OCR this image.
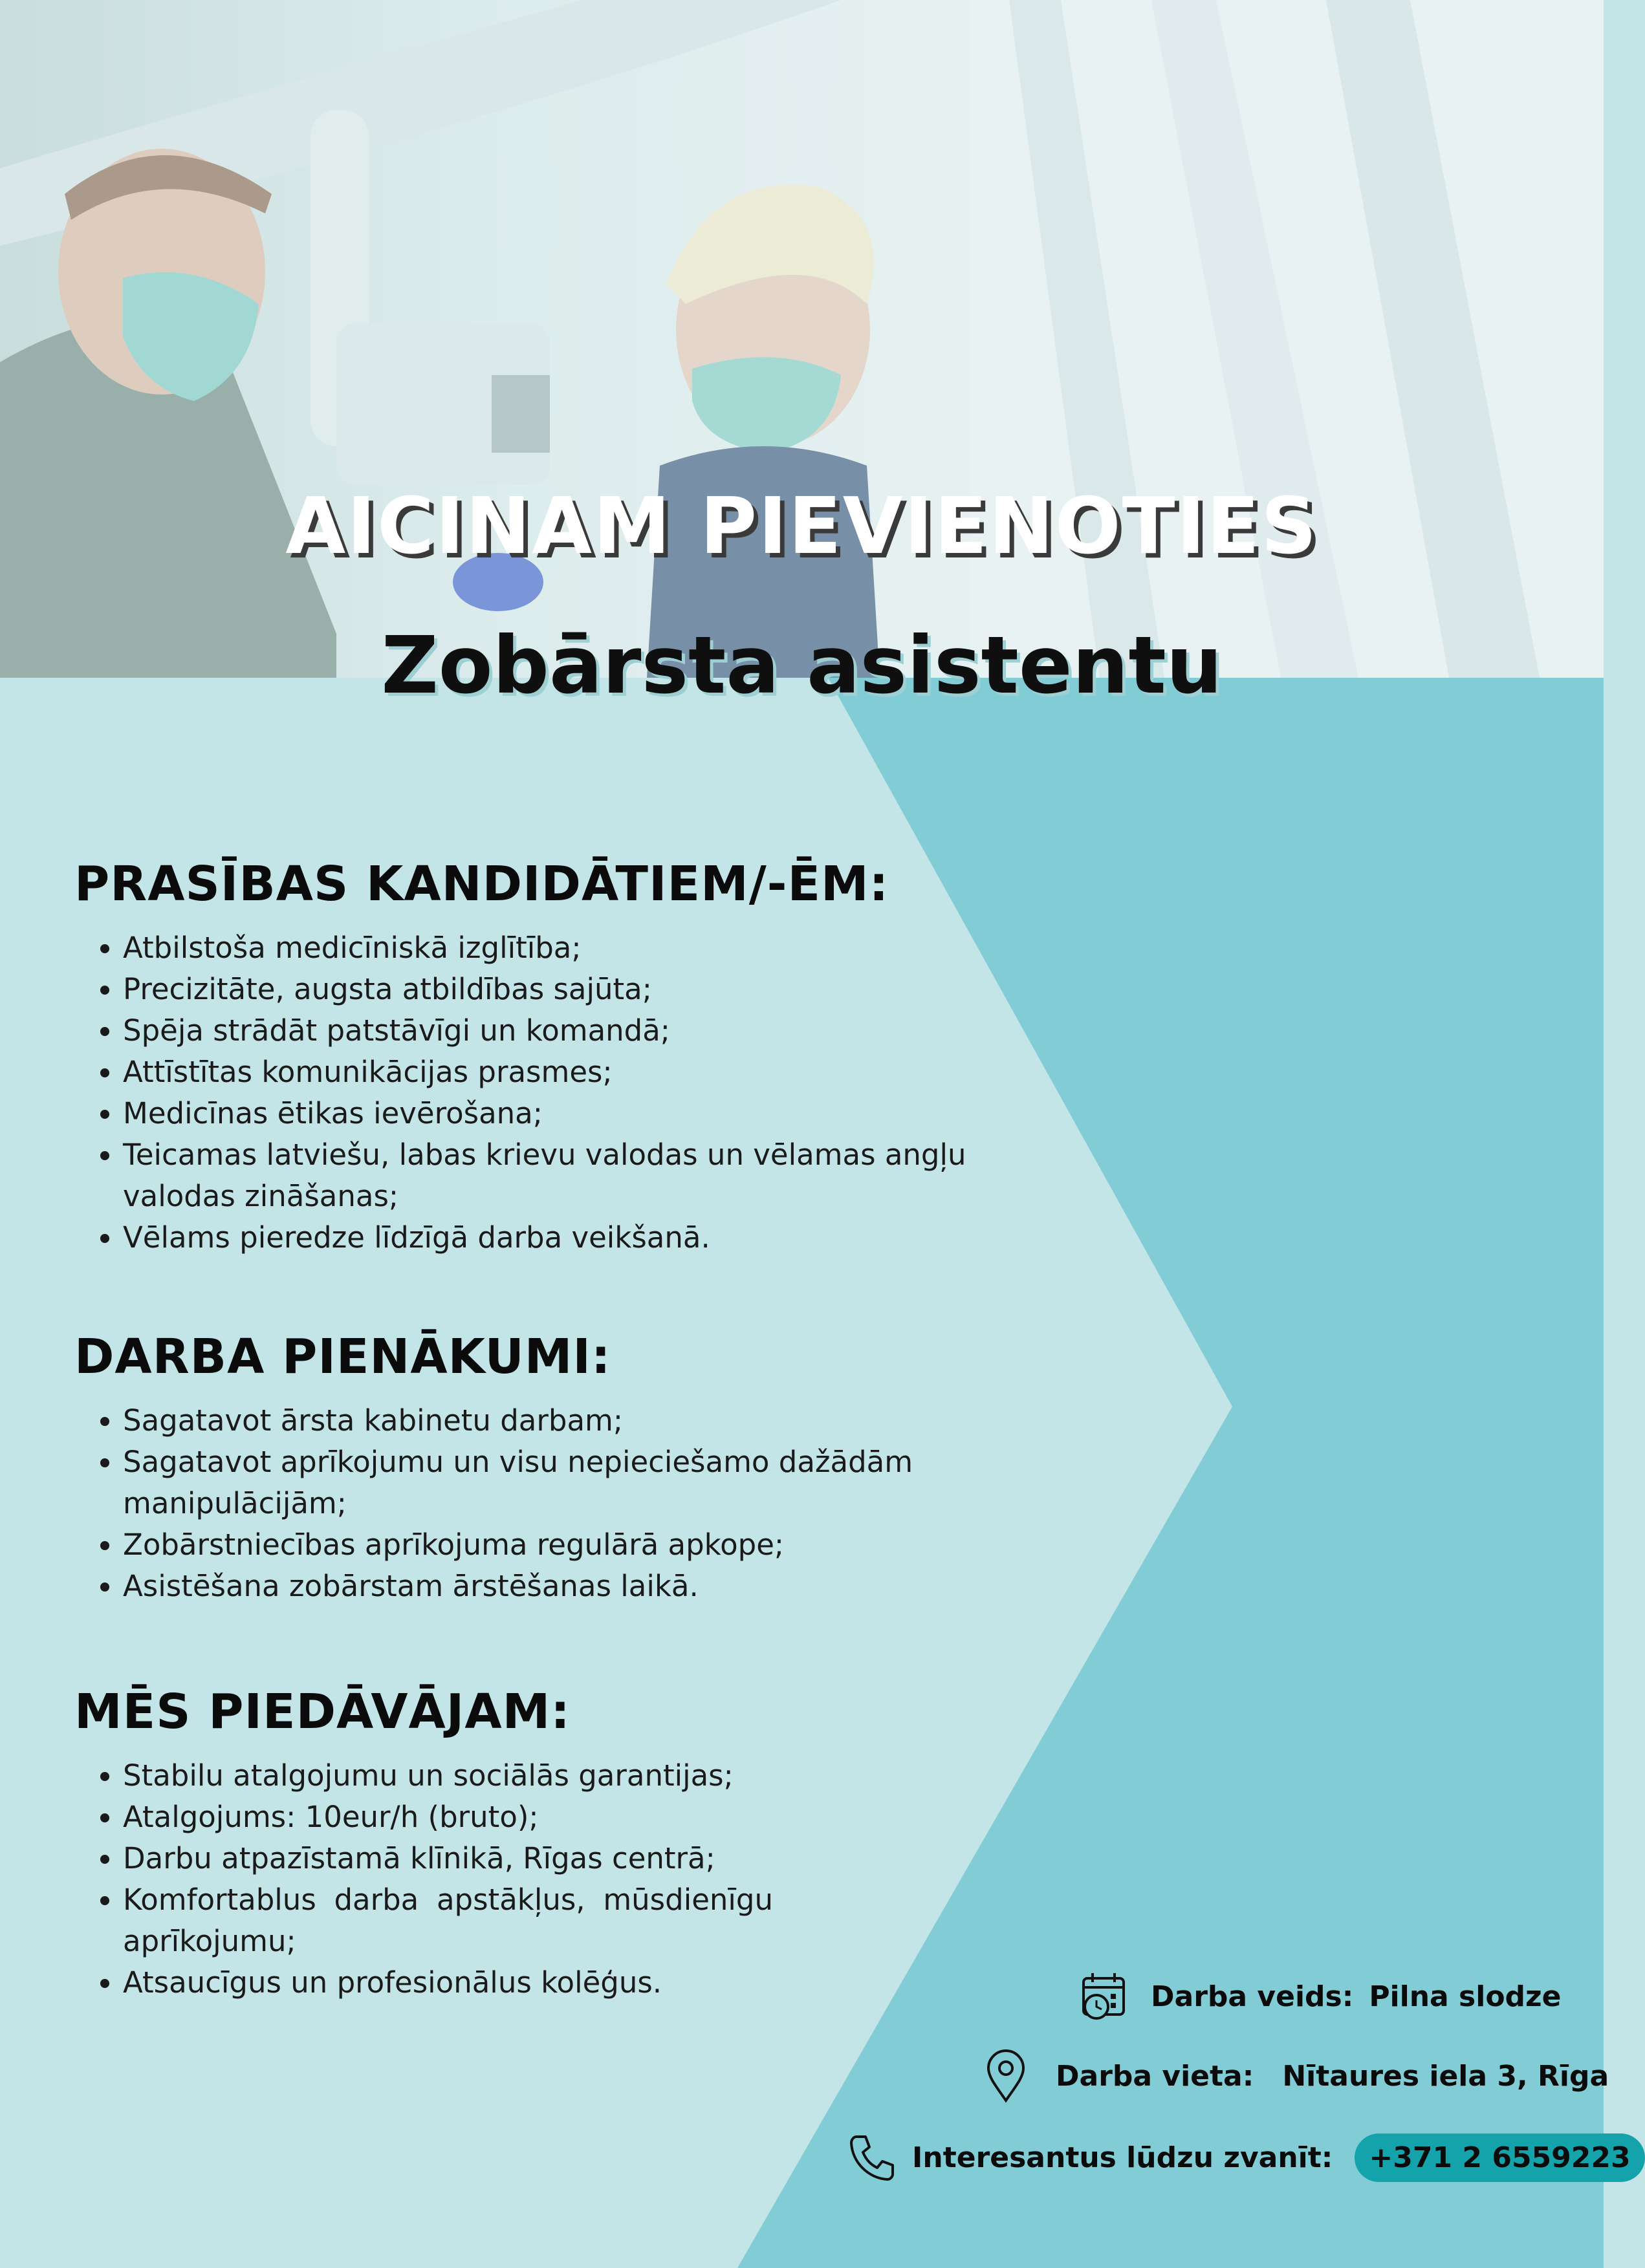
AICINAM PIEVIENOTIES
Zobārsta asistentu
PRASĪBAS KANDIDĀTIEM/-ĒM:
• Atbilstoša medicīniskā izglītība;
• Precizitāte, augsta atbildības sajūta;
• Spēja strādāt patstāvīgi un komandā;
• Attīstītas komunikācijas prasmes;
• Medicīnas ētikas ievērošana;
• Teicamas latviešu, labas krievu valodas un vēlamas angļu valodas zināšanas;
• Vēlams pieredze līdzīgā darba veikšanā.
DARBA PIENĀKUMI:
• Sagatavot ārsta kabinetu darbam;
• Sagatavot aprīkojumu un visu nepieciešamo dažādām manipulācijām;
• Zobārstniecības aprīkojuma regulārā apkope;
• Asistēšana zobārstam ārstēšanas laikā.
MĒS PIEDĀVĀJAM:
• Stabilu atalgojumu un sociālās garantijas;
• Atalgojums: 10eur/h (bruto);
• Darbu atpazīstamā klīnikā, Rīgas centrā;
• Komfortablus darba apstākļus, mūsdienīgu aprīkojumu;
• Atsaucīgus un profesionālus kolēģus.	Darba veids: Pilna slodze
Darba vieta: Nītaures iela 3, Rīga
Interesantus lūdzu zvanīt:	+371 2 6559223
